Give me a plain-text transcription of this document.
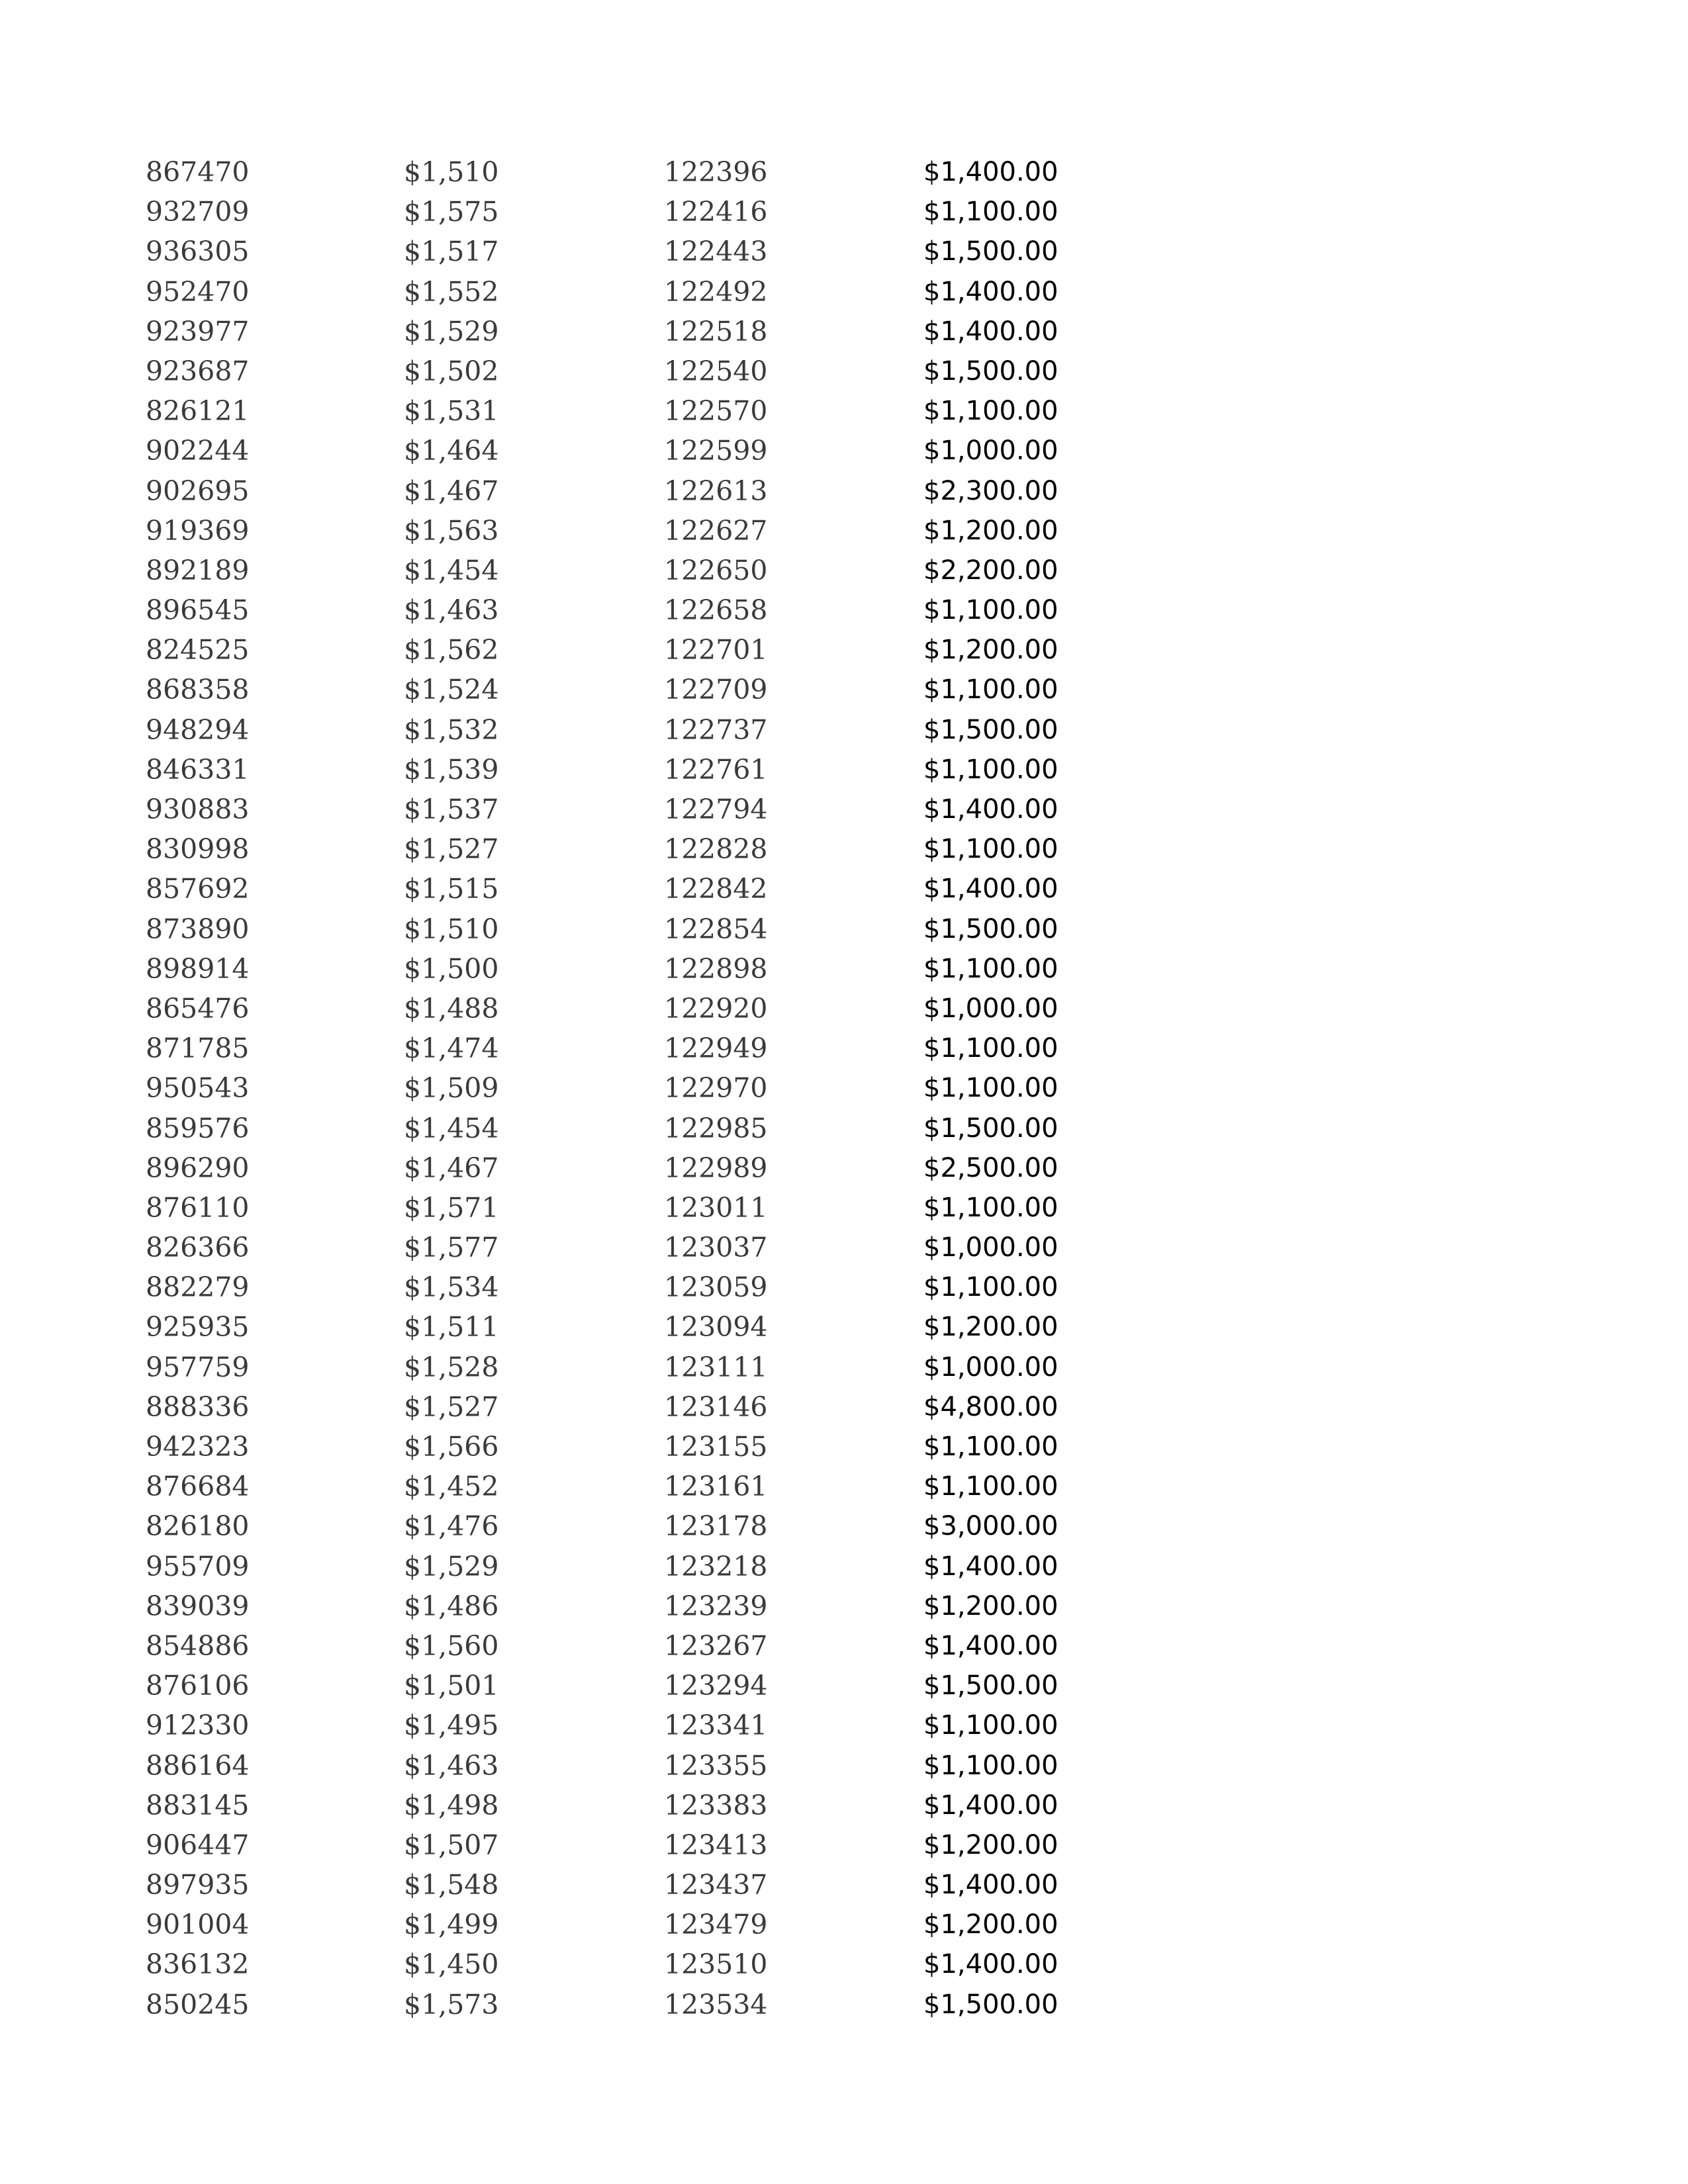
867470	$1,510	122396	$1,400.00
932709	$1,575	122416	$1,100.00
936305	$1,517	122443	$1,500.00
952470	$1,552	122492	$1,400.00
923977	$1,529	122518	$1,400.00
923687	$1,502	122540	$1,500.00
826121	$1,531	122570	$1,100.00
902244	$1,464	122599	$1,000.00
902695	$1,467	122613	$2,300.00
919369	$1,563	122627	$1,200.00
892189	$1,454	122650	$2,200.00
896545	$1,463	122658	$1,100.00
824525	$1,562	122701	$1,200.00
868358	$1,524	122709	$1,100.00
948294	$1,532	122737	$1,500.00
846331	$1,539	122761	$1,100.00
930883	$1,537	122794	$1,400.00
830998	$1,527	122828	$1,100.00
857692	$1,515	122842	$1,400.00
873890	$1,510	122854	$1,500.00
898914	$1,500	122898	$1,100.00
865476	$1,488	122920	$1,000.00
871785	$1,474	122949	$1,100.00
950543	$1,509	122970	$1,100.00
859576	$1,454	122985	$1,500.00
896290	$1,467	122989	$2,500.00
876110	$1,571	123011	$1,100.00
826366	$1,577	123037	$1,000.00
882279	$1,534	123059	$1,100.00
925935	$1,511	123094	$1,200.00
957759	$1,528	123111	$1,000.00
888336	$1,527	123146	$4,800.00
942323	$1,566	123155	$1,100.00
876684	$1,452	123161	$1,100.00
826180	$1,476	123178	$3,000.00
955709	$1,529	123218	$1,400.00
839039	$1,486	123239	$1,200.00
854886	$1,560	123267	$1,400.00
876106	$1,501	123294	$1,500.00
912330	$1,495	123341	$1,100.00
886164	$1,463	123355	$1,100.00
883145	$1,498	123383	$1,400.00
906447	$1,507	123413	$1,200.00
897935	$1,548	123437	$1,400.00
901004	$1,499	123479	$1,200.00
836132	$1,450	123510	$1,400.00
850245	$1,573	123534	$1,500.00
